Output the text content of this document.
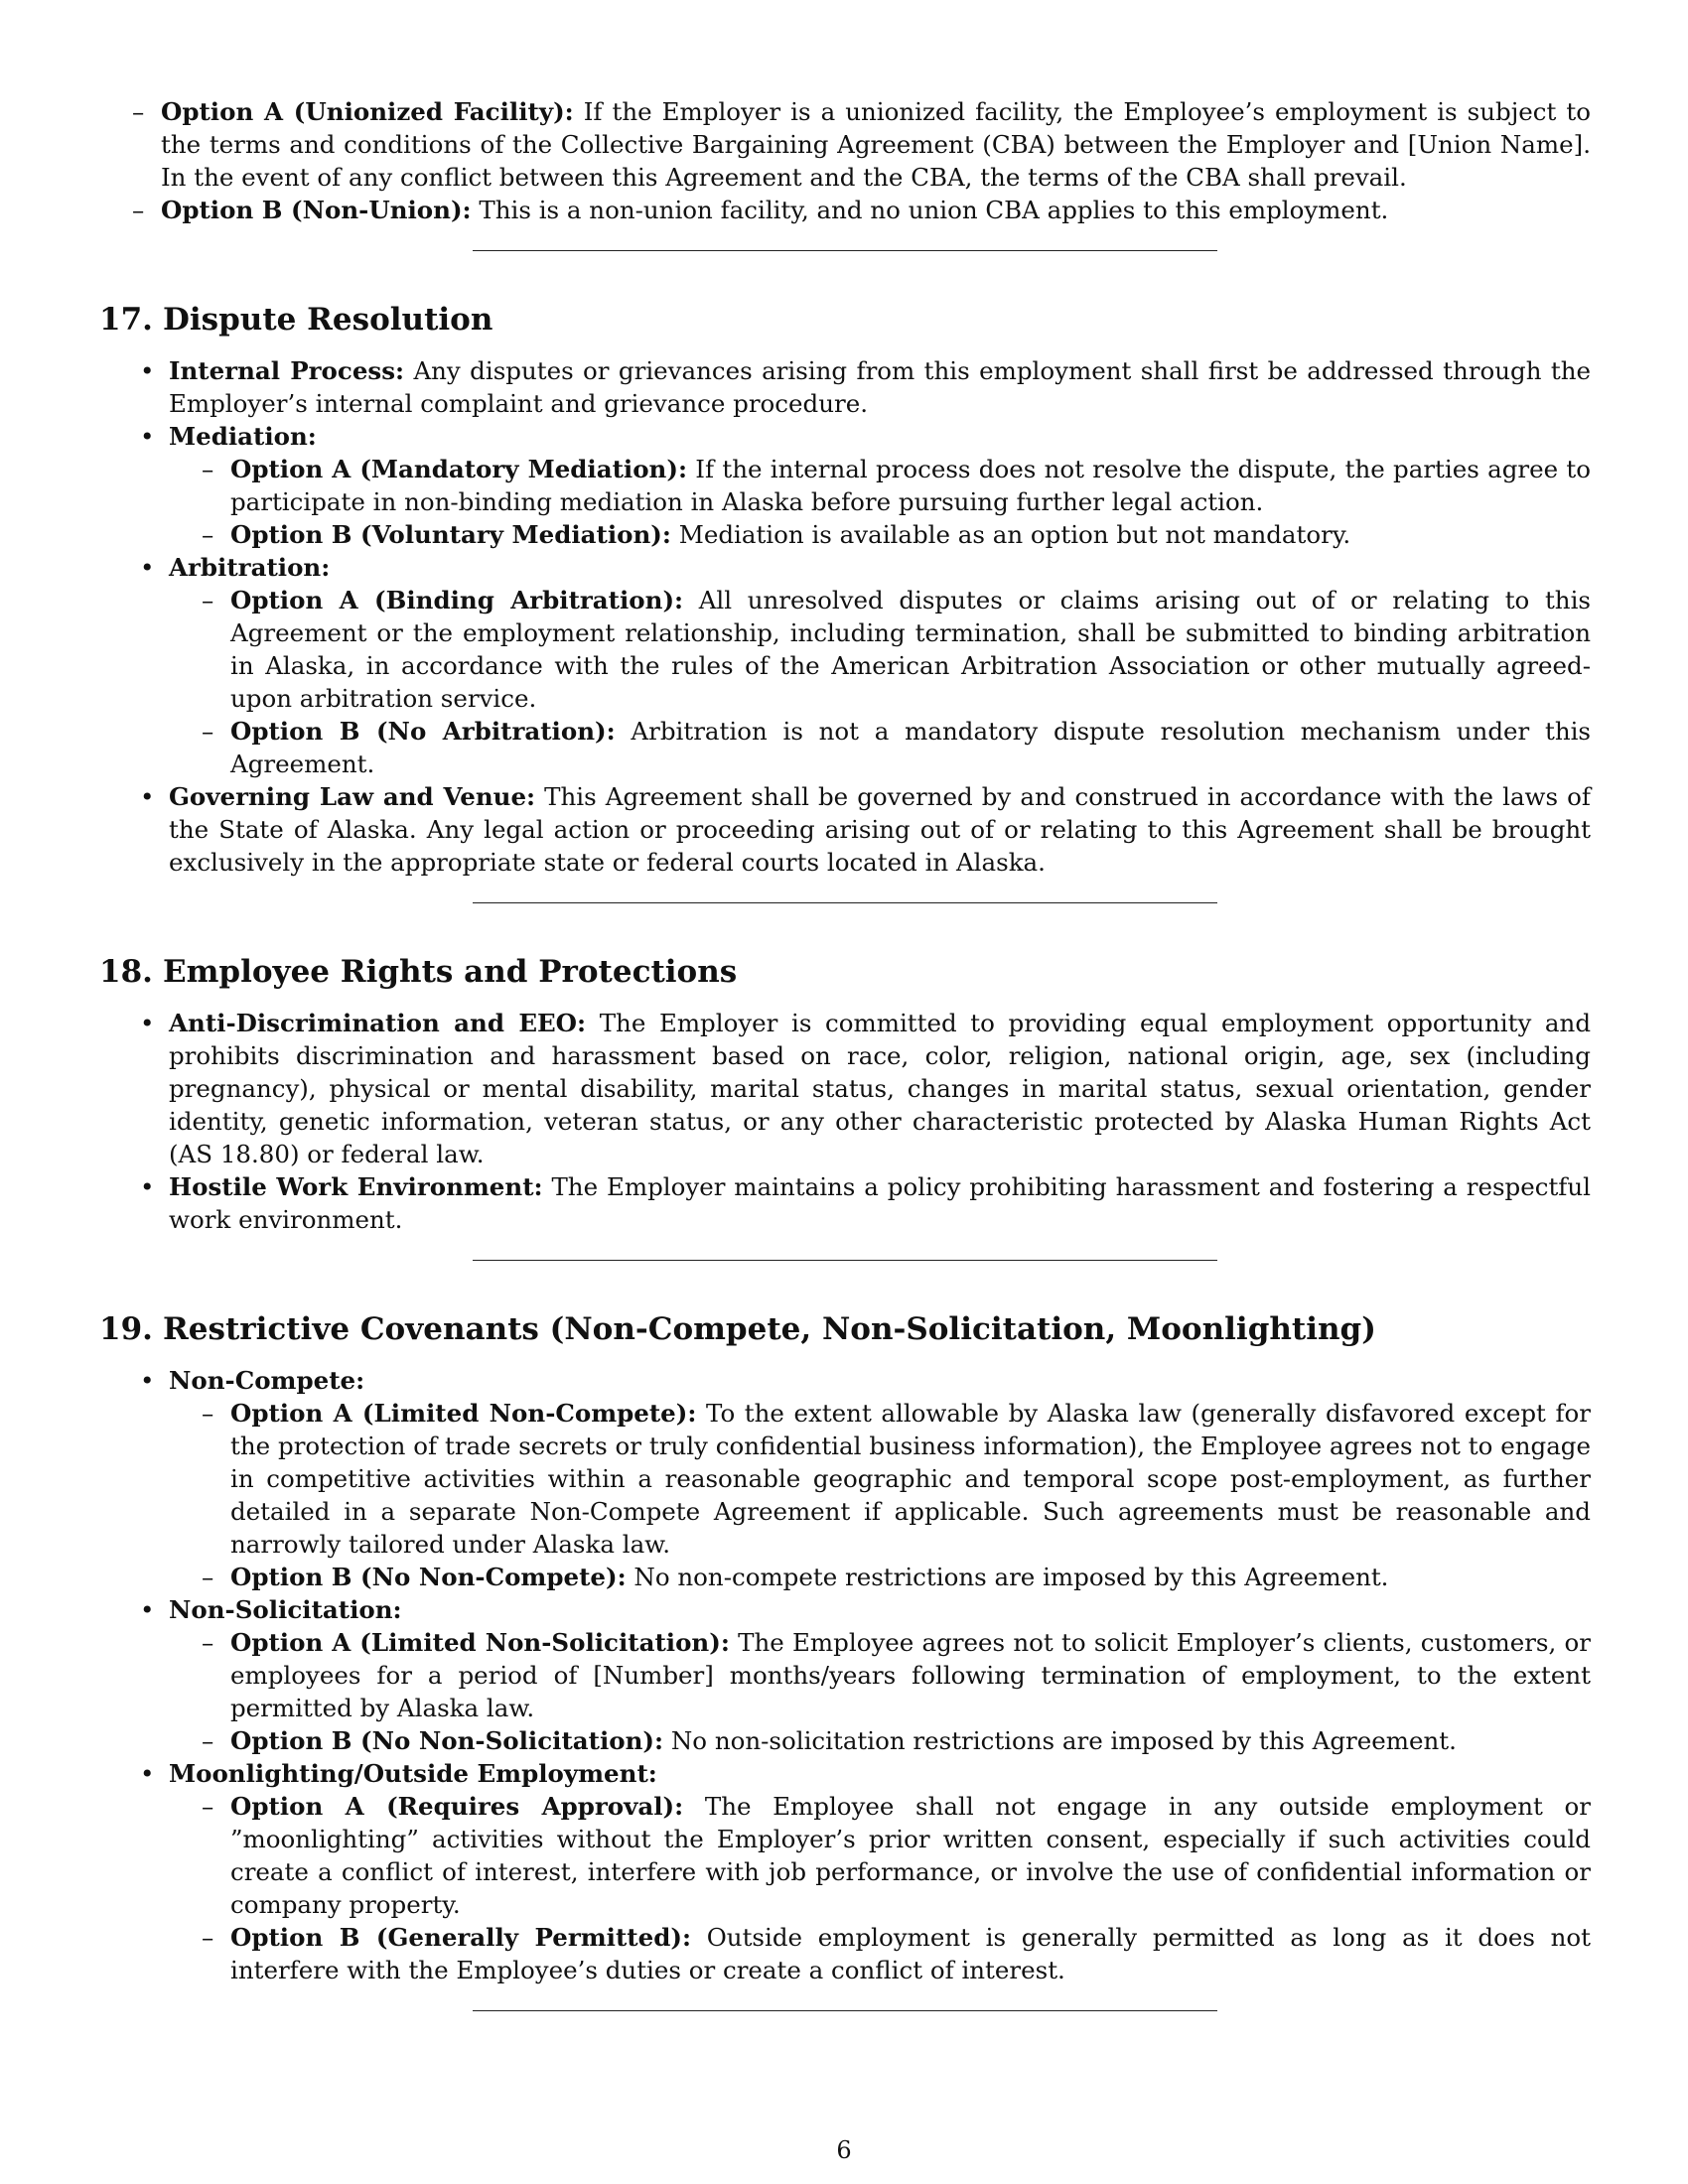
– Option A (Unionized Facility): If the Employer is a unionized facility, the Employee’s employment is subject to the terms and conditions of the Collective Bargaining Agreement (CBA) between the Employer and [Union Name]. In the event of any conflict between this Agreement and the CBA, the terms of the CBA shall prevail.
– Option B (Non-Union): This is a non-union facility, and no union CBA applies to this employment.
17. Dispute Resolution
• Internal Process: Any disputes or grievances arising from this employment shall first be addressed through the Employer’s internal complaint and grievance procedure.
• Mediation:
– Option A (Mandatory Mediation): If the internal process does not resolve the dispute, the parties agree to participate in non-binding mediation in Alaska before pursuing further legal action.
– Option B (Voluntary Mediation): Mediation is available as an option but not mandatory.
• Arbitration:
– Option A (Binding Arbitration): All unresolved disputes or claims arising out of or relating to this Agreement or the employment relationship, including termination, shall be submitted to binding arbitration in Alaska, in accordance with the rules of the American Arbitration Association or other mutually agreed-upon arbitration service.
– Option B (No Arbitration): Arbitration is not a mandatory dispute resolution mechanism under this Agreement.
• Governing Law and Venue: This Agreement shall be governed by and construed in accordance with the laws of the State of Alaska. Any legal action or proceeding arising out of or relating to this Agreement shall be brought exclusively in the appropriate state or federal courts located in Alaska.
18. Employee Rights and Protections
• Anti-Discrimination and EEO: The Employer is committed to providing equal employment opportunity and prohibits discrimination and harassment based on race, color, religion, national origin, age, sex (including pregnancy), physical or mental disability, marital status, changes in marital status, sexual orientation, gender identity, genetic information, veteran status, or any other characteristic protected by Alaska Human Rights Act (AS 18.80) or federal law.
• Hostile Work Environment: The Employer maintains a policy prohibiting harassment and fostering a respectful work environment.
19. Restrictive Covenants (Non-Compete, Non-Solicitation, Moonlighting)
• Non-Compete:
– Option A (Limited Non-Compete): To the extent allowable by Alaska law (generally disfavored except for the protection of trade secrets or truly confidential business information), the Employee agrees not to engage in competitive activities within a reasonable geographic and temporal scope post-employment, as further detailed in a separate Non-Compete Agreement if applicable. Such agreements must be reasonable and narrowly tailored under Alaska law.
– Option B (No Non-Compete): No non-compete restrictions are imposed by this Agreement.
• Non-Solicitation:
– Option A (Limited Non-Solicitation): The Employee agrees not to solicit Employer’s clients, customers, or employees for a period of [Number] months/years following termination of employment, to the extent permitted by Alaska law.
– Option B (No Non-Solicitation): No non-solicitation restrictions are imposed by this Agreement.
• Moonlighting/Outside Employment:
– Option A (Requires Approval): The Employee shall not engage in any outside employment or ”moonlighting” activities without the Employer’s prior written consent, especially if such activities could create a conflict of interest, interfere with job performance, or involve the use of confidential information or company property.
– Option B (Generally Permitted): Outside employment is generally permitted as long as it does not interfere with the Employee’s duties or create a conflict of interest.
6
